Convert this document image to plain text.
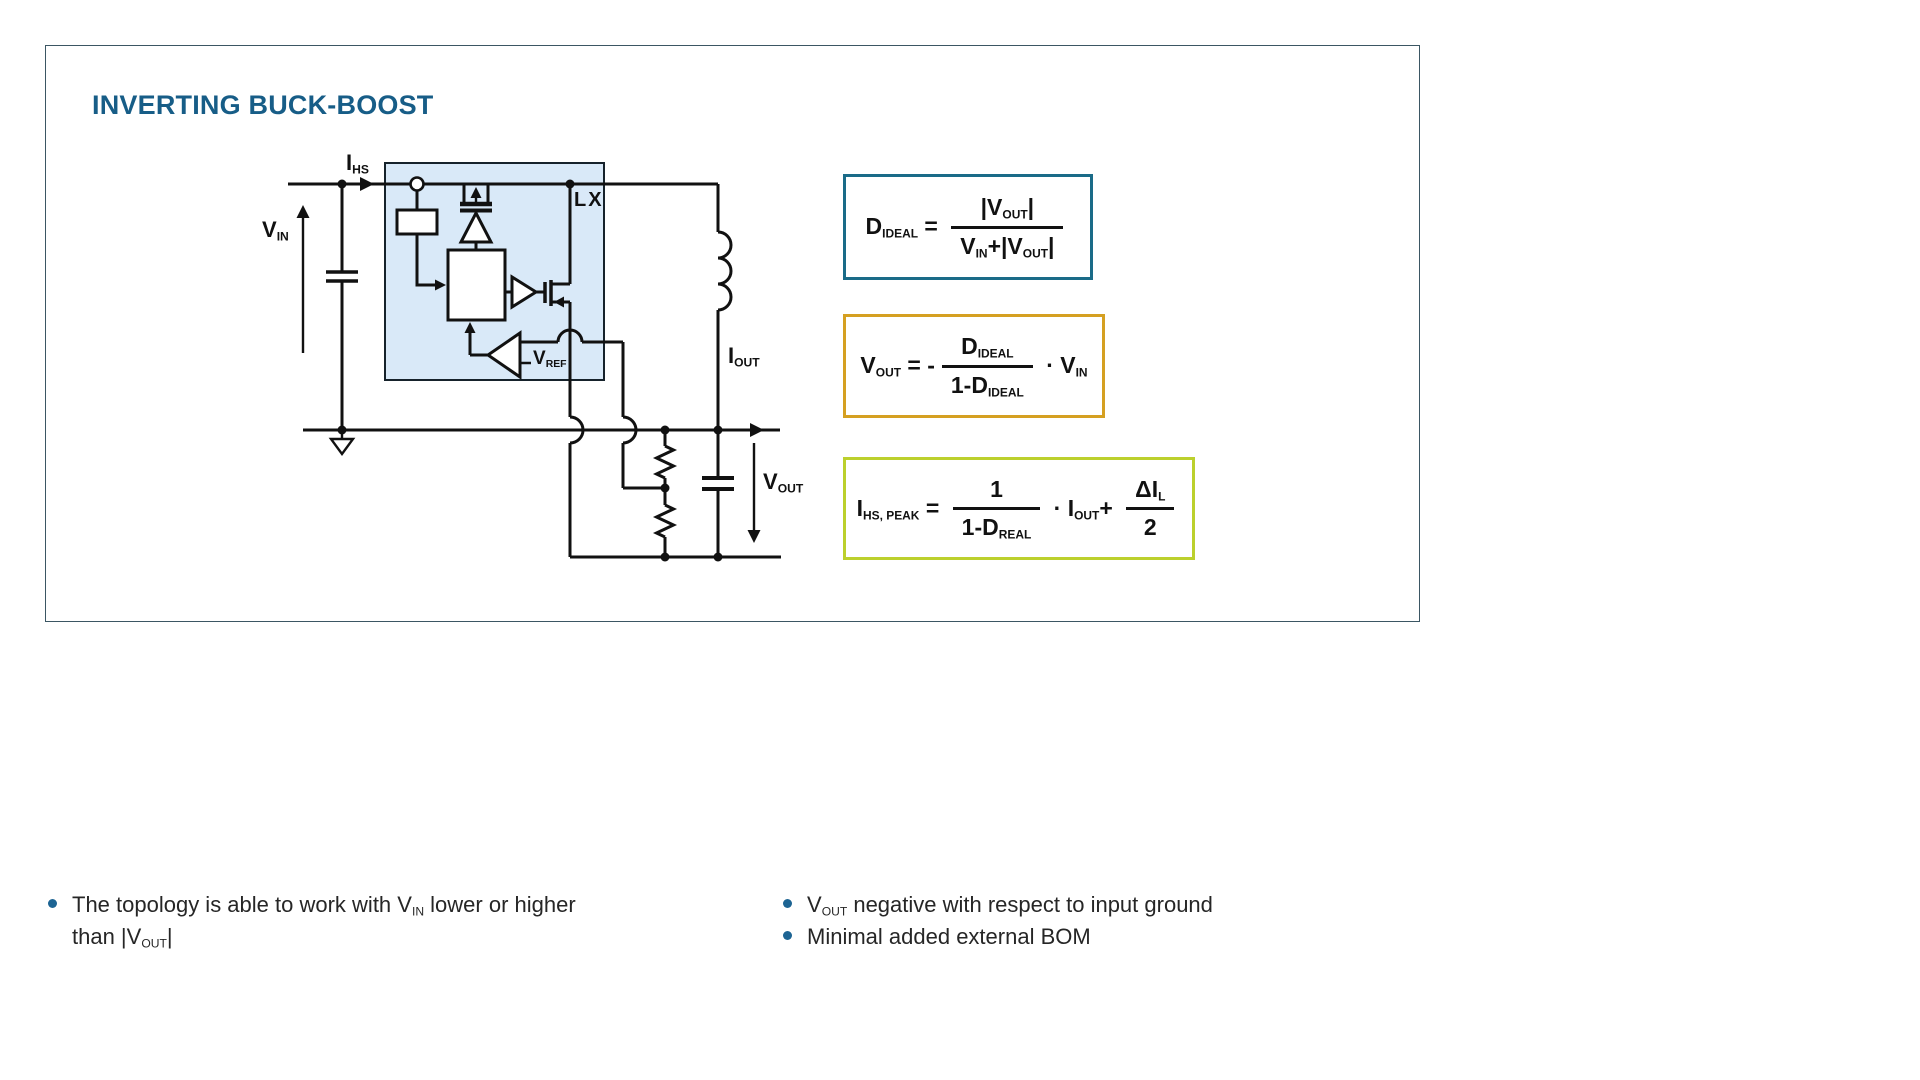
INVERTING BUCK-BOOST
$I_{HS}$
$V_{IN}$
LX
$V_{REF}$	$I_{OUT}$
$V_{OUT}$
$D_{IDEAL} = \frac{|V_{OUT}|}{V_{IN}+|V_{OUT}|}$
$V_{OUT}$ = - $\frac{D_{IDEAL}}{1-D_{IDEAL}} \cdot V_{IN}$
$I_{HS, PEAK} = \frac{1}{1-D_{REAL}} \cdot I_{OUT}+ \frac{\Delta I_L}{2}$
The topology is able to work with $V_{IN}$ lower or higher
than $|V_{OUT}|$
$V_{OUT}$ negative with respect to input ground
Minimal added external BOM
